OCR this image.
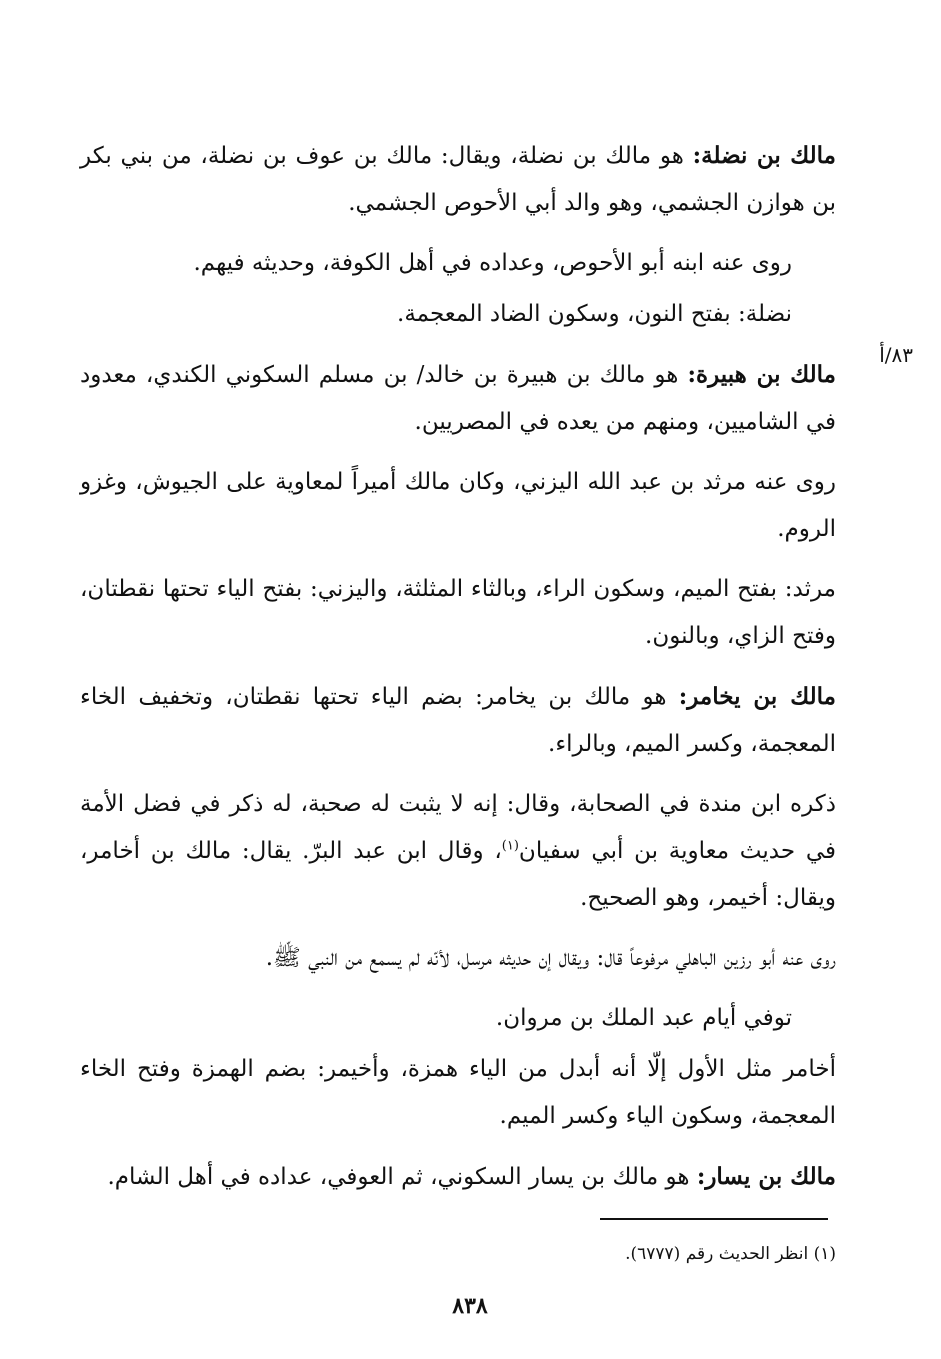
٨٣/أ

مالك بن نضلة: هو مالك بن نضلة، ويقال: مالك بن عوف بن نضلة، من بني بكر بن هوازن الجشمي، وهو والد أبي الأحوص الجشمي.

روى عنه ابنه أبو الأحوص، وعداده في أهل الكوفة، وحديثه فيهم.

نضلة: بفتح النون، وسكون الضاد المعجمة.

مالك بن هبيرة: هو مالك بن هبيرة بن خالد/ بن مسلم السكوني الكندي، معدود في الشاميين، ومنهم من يعده في المصريين.

روى عنه مرثد بن عبد الله اليزني، وكان مالك أميراً لمعاوية على الجيوش، وغزو الروم.

مرثد: بفتح الميم، وسكون الراء، وبالثاء المثلثة، واليزني: بفتح الياء تحتها نقطتان، وفتح الزاي، وبالنون.

مالك بن يخامر: هو مالك بن يخامر: بضم الياء تحتها نقطتان، وتخفيف الخاء المعجمة، وكسر الميم، وبالراء.

ذكره ابن مندة في الصحابة، وقال: إنه لا يثبت له صحبة، له ذكر في فضل الأمة في حديث معاوية بن أبي سفيان$^{(١)}$، وقال ابن عبد البرّ. يقال: مالك بن أخامر، ويقال: أخيمر، وهو الصحيح.

روى عنه أبو رزين الباهلي مرفوعاً قال: ويقال إن حديثه مرسل، لأنّه لم يسمع من النبي ﷺ.

توفي أيام عبد الملك بن مروان.

أخامر مثل الأول إلّا أنه أبدل من الياء همزة، وأخيمر: بضم الهمزة وفتح الخاء المعجمة، وسكون الياء وكسر الميم.

مالك بن يسار: هو مالك بن يسار السكوني، ثم العوفي، عداده في أهل الشام.

(١) انظر الحديث رقم (٦٧٧٧).
٨٣٨
